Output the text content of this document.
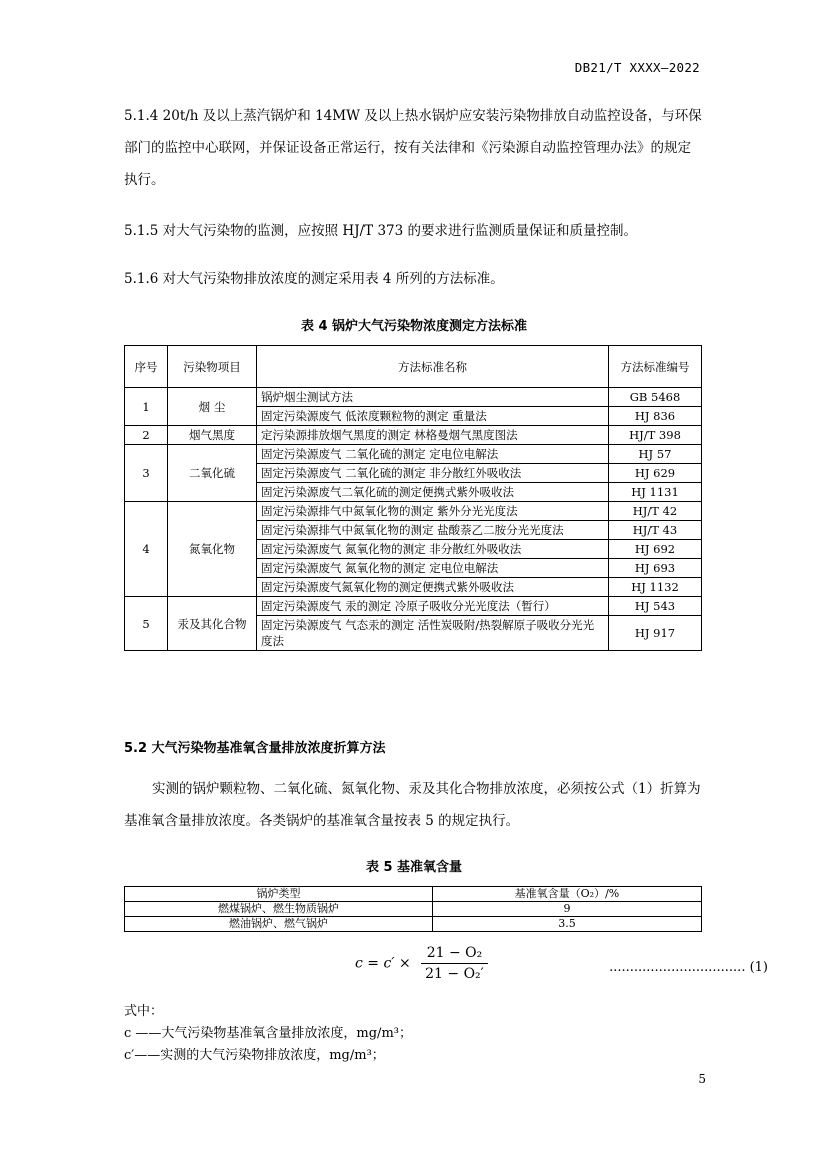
DB21/T XXXX—2022
5.1.4 20t/h 及以上蒸汽锅炉和 14MW 及以上热水锅炉应安装污染物排放自动监控设备，与环保部门的监控中心联网，并保证设备正常运行，按有关法律和《污染源自动监控管理办法》的规定执行。
5.1.5 对大气污染物的监测，应按照 HJ/T 373 的要求进行监测质量保证和质量控制。
5.1.6 对大气污染物排放浓度的测定采用表 4 所列的方法标准。
表 4 锅炉大气污染物浓度测定方法标准
序号	污染物项目	方法标准名称	方法标准编号
1	烟 尘	锅炉烟尘测试方法	GB 5468
		固定污染源废气 低浓度颗粒物的测定 重量法	HJ 836
2	烟气黑度	定污染源排放烟气黑度的测定 林格曼烟气黑度图法	HJ/T 398
3	二氧化硫	固定污染源废气 二氧化硫的测定 定电位电解法	HJ 57
		固定污染源废气 二氧化硫的测定 非分散红外吸收法	HJ 629
		固定污染源废气二氧化硫的测定便携式紫外吸收法	HJ 1131
4	氮氧化物	固定污染源排气中氮氧化物的测定 紫外分光光度法	HJ/T 42
		固定污染源排气中氮氧化物的测定 盐酸萘乙二胺分光光度法	HJ/T 43
		固定污染源废气 氮氧化物的测定 非分散红外吸收法	HJ 692
		固定污染源废气 氮氧化物的测定 定电位电解法	HJ 693
		固定污染源废气氮氧化物的测定便携式紫外吸收法	HJ 1132
5	汞及其化合物	固定污染源废气 汞的测定 冷原子吸收分光光度法（暂行）	HJ 543
		固定污染源废气 气态汞的测定 活性炭吸附/热裂解原子吸收分光光度法	HJ 917
5.2 大气污染物基准氧含量排放浓度折算方法
实测的锅炉颗粒物、二氧化硫、氮氧化物、汞及其化合物排放浓度，必须按公式（1）折算为基准氧含量排放浓度。各类锅炉的基准氧含量按表 5 的规定执行。
表 5 基准氧含量
锅炉类型	基准氧含量（O₂）/%
燃煤锅炉、燃生物质锅炉	9
燃油锅炉、燃气锅炉	3.5
$c = c' \times \frac{\text{21 − O₂}}{\text{21 − O₂′}}$	................................. (1)
式中：
c ——大气污染物基准氧含量排放浓度，mg/m³；
c′——实测的大气污染物排放浓度，mg/m³；
5
